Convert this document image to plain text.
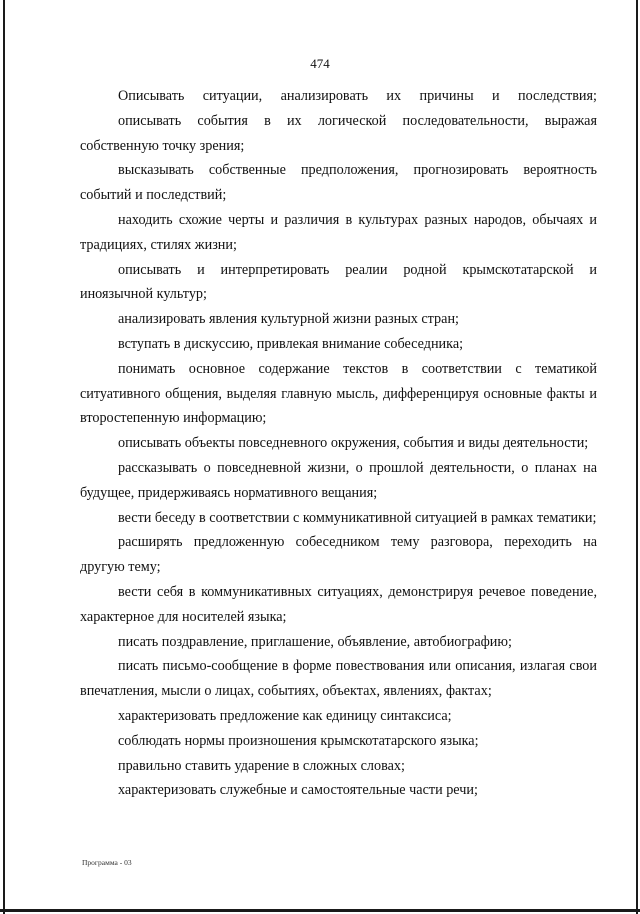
474

Описывать ситуации, анализировать их причины и последствия;

описывать события в их логической последовательности, выражая собственную точку зрения;

высказывать собственные предположения, прогнозировать вероятность событий и последствий;

находить схожие черты и различия в культурах разных народов, обычаях и традициях, стилях жизни;

описывать и интерпретировать реалии родной крымскотатарской и иноязычной культур;

анализировать явления культурной жизни разных стран;

вступать в дискуссию, привлекая внимание собеседника;

понимать основное содержание текстов в соответствии с тематикой ситуативного общения, выделяя главную мысль, дифференцируя основные факты и второстепенную информацию;

описывать объекты повседневного окружения, события и виды деятельности;

рассказывать о повседневной жизни, о прошлой деятельности, о планах на будущее, придерживаясь нормативного вещания;

вести беседу в соответствии с коммуникативной ситуацией в рамках тематики;

расширять предложенную собеседником тему разговора, переходить на другую тему;

вести себя в коммуникативных ситуациях, демонстрируя речевое поведение, характерное для носителей языка;

писать поздравление, приглашение, объявление, автобиографию;

писать письмо-сообщение в форме повествования или описания, излагая свои впечатления, мысли о лицах, событиях, объектах, явлениях, фактах;

характеризовать предложение как единицу синтаксиса;

соблюдать нормы произношения крымскотатарского языка;

правильно ставить ударение в сложных словах;

характеризовать служебные и самостоятельные части речи;

Программа - 03
